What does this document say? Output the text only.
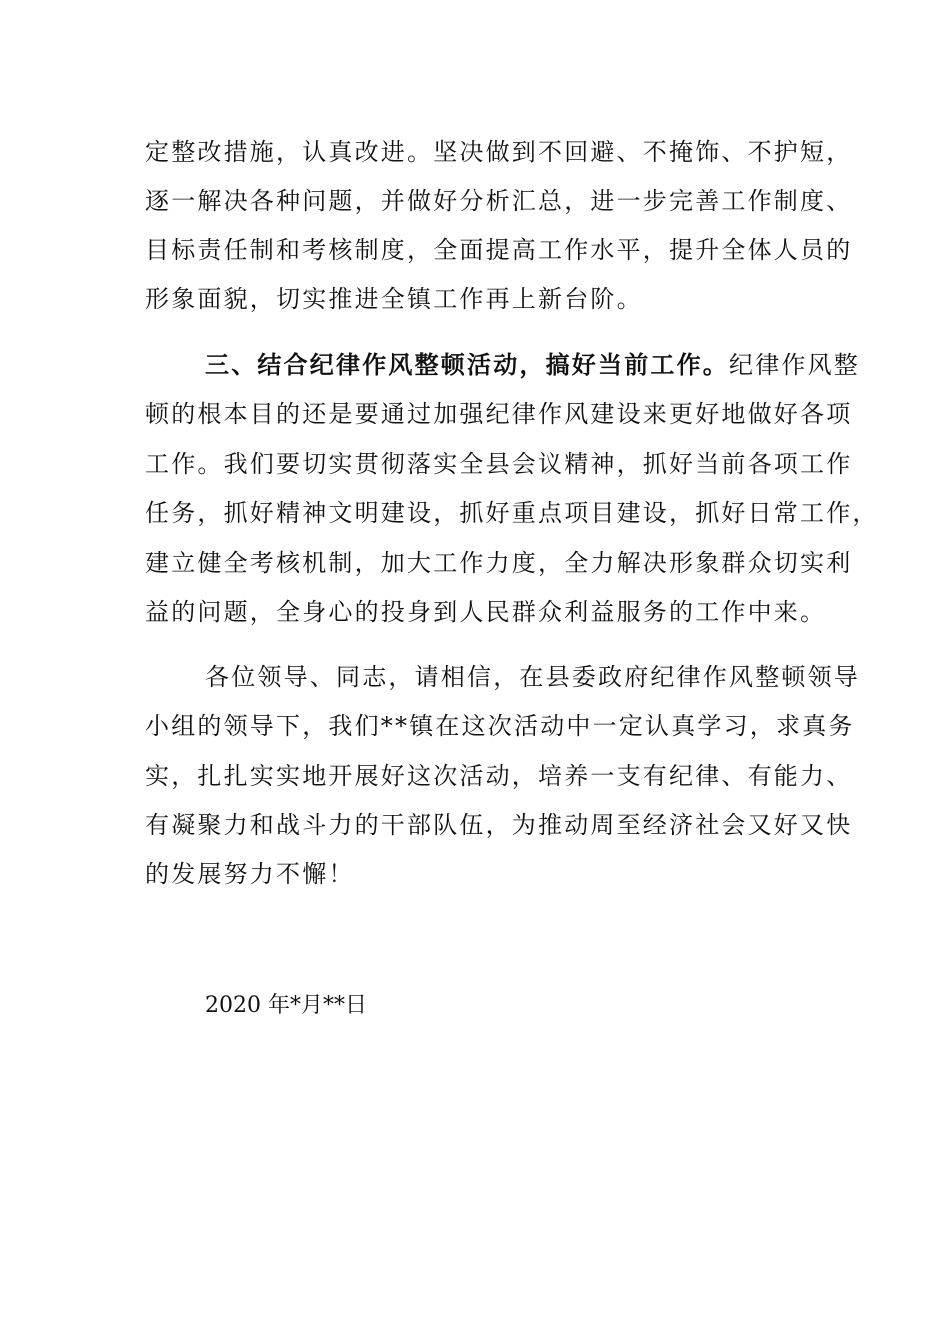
定整改措施，认真改进。坚决做到不回避、不掩饰、不护短，
逐一解决各种问题，并做好分析汇总，进一步完善工作制度、
目标责任制和考核制度，全面提高工作水平，提升全体人员的
形象面貌，切实推进全镇工作再上新台阶。
三、结合纪律作风整顿活动，搞好当前工作。纪律作风整
顿的根本目的还是要通过加强纪律作风建设来更好地做好各项
工作。我们要切实贯彻落实全县会议精神，抓好当前各项工作
任务，抓好精神文明建设，抓好重点项目建设，抓好日常工作，
建立健全考核机制，加大工作力度，全力解决形象群众切实利
益的问题，全身心的投身到人民群众利益服务的工作中来。
各位领导、同志，请相信，在县委政府纪律作风整顿领导
小组的领导下，我们**镇在这次活动中一定认真学习，求真务
实，扎扎实实地开展好这次活动，培养一支有纪律、有能力、
有凝聚力和战斗力的干部队伍，为推动周至经济社会又好又快
的发展努力不懈！
2020 年*月**日
